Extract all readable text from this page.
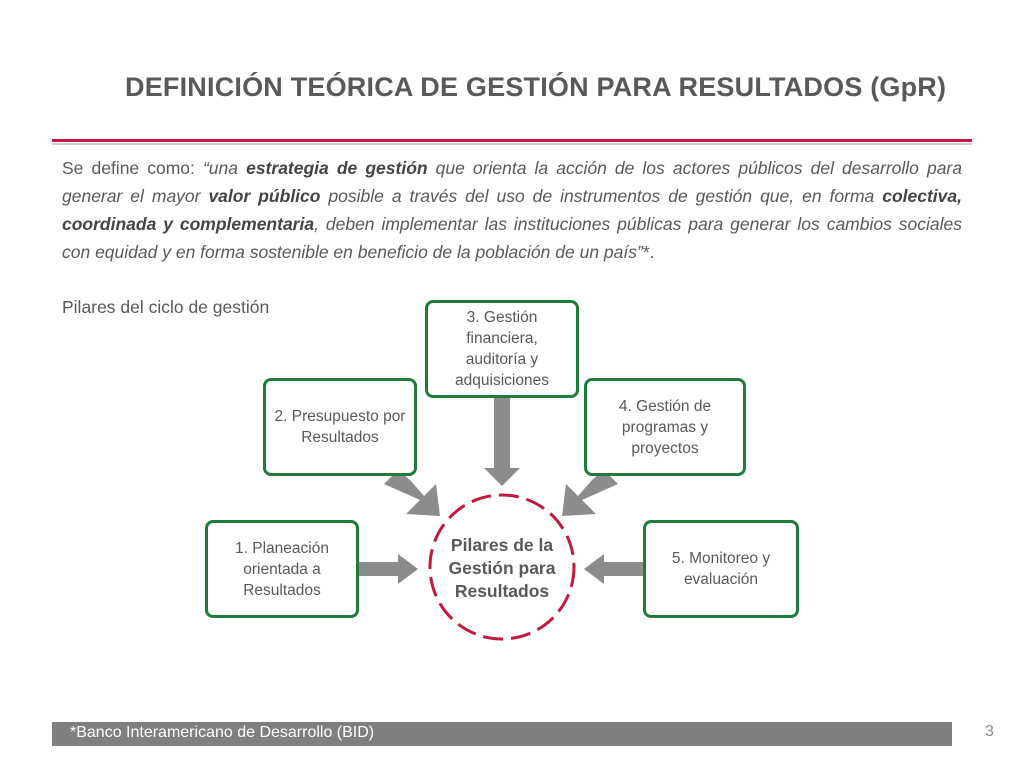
DEFINICIÓN TEÓRICA DE GESTIÓN PARA RESULTADOS (GpR)
Se define como: “una estrategia de gestión que orienta la acción de los actores públicos del desarrollo para generar el mayor valor público posible a través del uso de instrumentos de gestión que, en forma colectiva, coordinada y complementaria, deben implementar las instituciones públicas para generar los cambios sociales con equidad y en forma sostenible en beneficio de la población de un país”*.
Pilares del ciclo de gestión
Pilares de la Gestión para Resultados
1. Planeación orientada a Resultados
2. Presupuesto por Resultados
3. Gestión financiera, auditoría y adquisiciones
4. Gestión de programas y proyectos
5. Monitoreo y evaluación
*Banco Interamericano de Desarrollo (BID)	3
